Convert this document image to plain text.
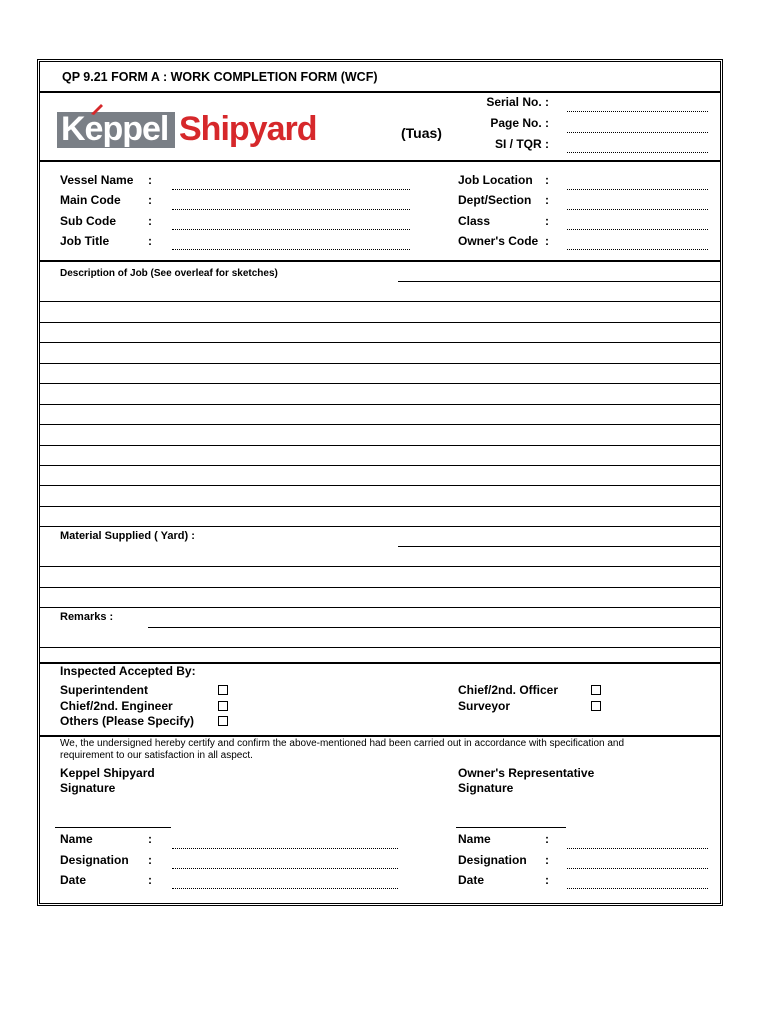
QP 9.21 FORM A : WORK COMPLETION FORM (WCF)
Keppel Shipyard	(Tuas)
Serial No. :
Page No. :
SI / TQR :
Vessel Name :
Main Code :
Sub Code	:
Job Title	:
Job Location :
Dept/Section :
Class	:
Owner's Code :
Description of Job (See overleaf for sketches)
Material Supplied ( Yard) :
Remarks :
Inspected Accepted By:
Superintendent
Chief/2nd. Engineer
Others (Please Specify)
Chief/2nd. Officer
Surveyor
We, the undersigned hereby certify and confirm the above-mentioned had been carried out in accordance with specification and
requirement to our satisfaction in all aspect.
Keppel Shipyard
Signature
Owner's Representative
Signature
Name	:
Designation :
Date	:
Name	:
Designation :
Date	:
